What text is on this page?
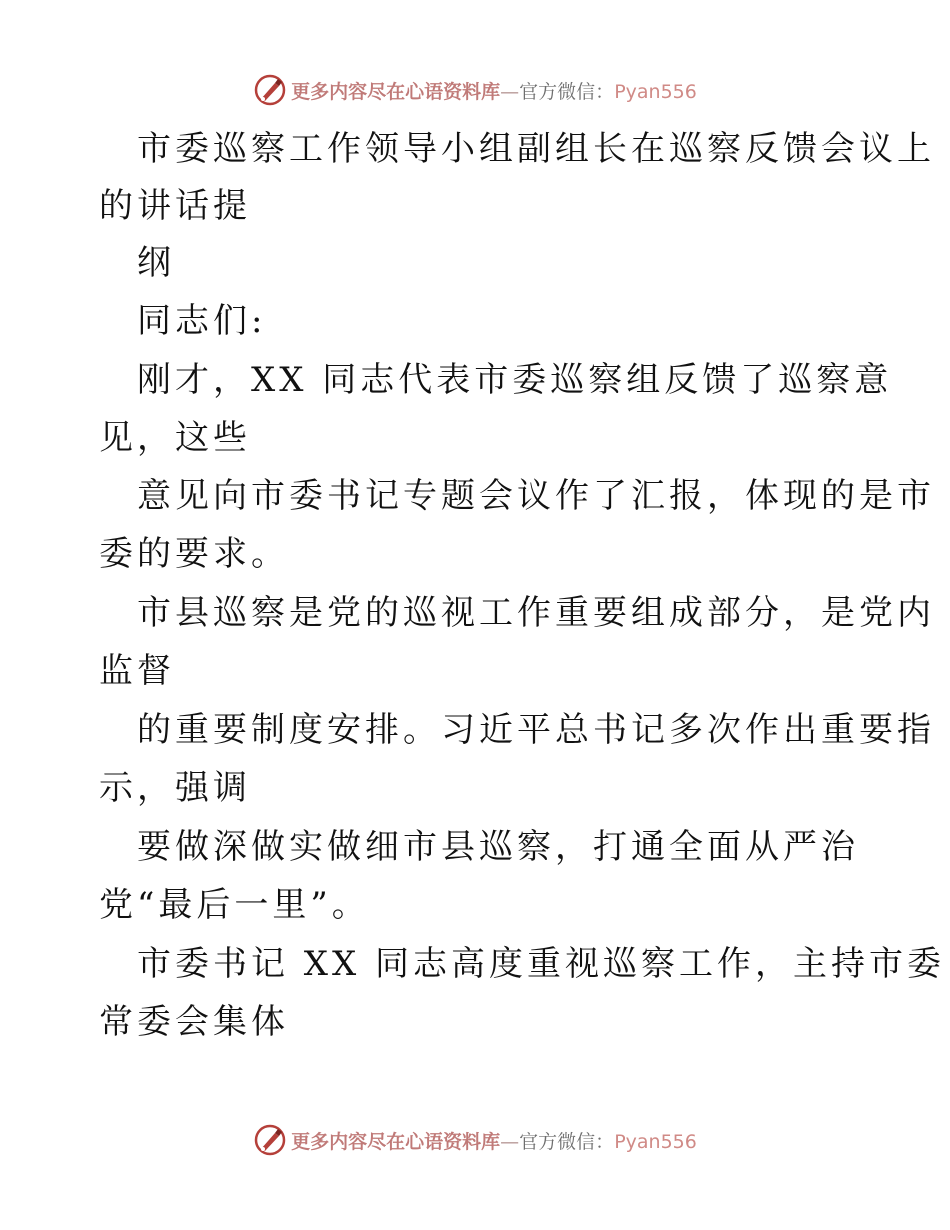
更多内容尽在心语资料库—官方微信：Pyan556
市委巡察工作领导小组副组长在巡察反馈会议上
的讲话提
纲
同志们:
刚才，XX 同志代表市委巡察组反馈了巡察意
见，这些
意见向市委书记专题会议作了汇报，体现的是市
委的要求。
市县巡察是党的巡视工作重要组成部分，是党内
监督
的重要制度安排。习近平总书记多次作出重要指
示，强调
要做深做实做细市县巡察，打通全面从严治
党“最后一里”。
市委书记 XX 同志高度重视巡察工作，主持市委
常委会集体
更多内容尽在心语资料库—官方微信：Pyan556
